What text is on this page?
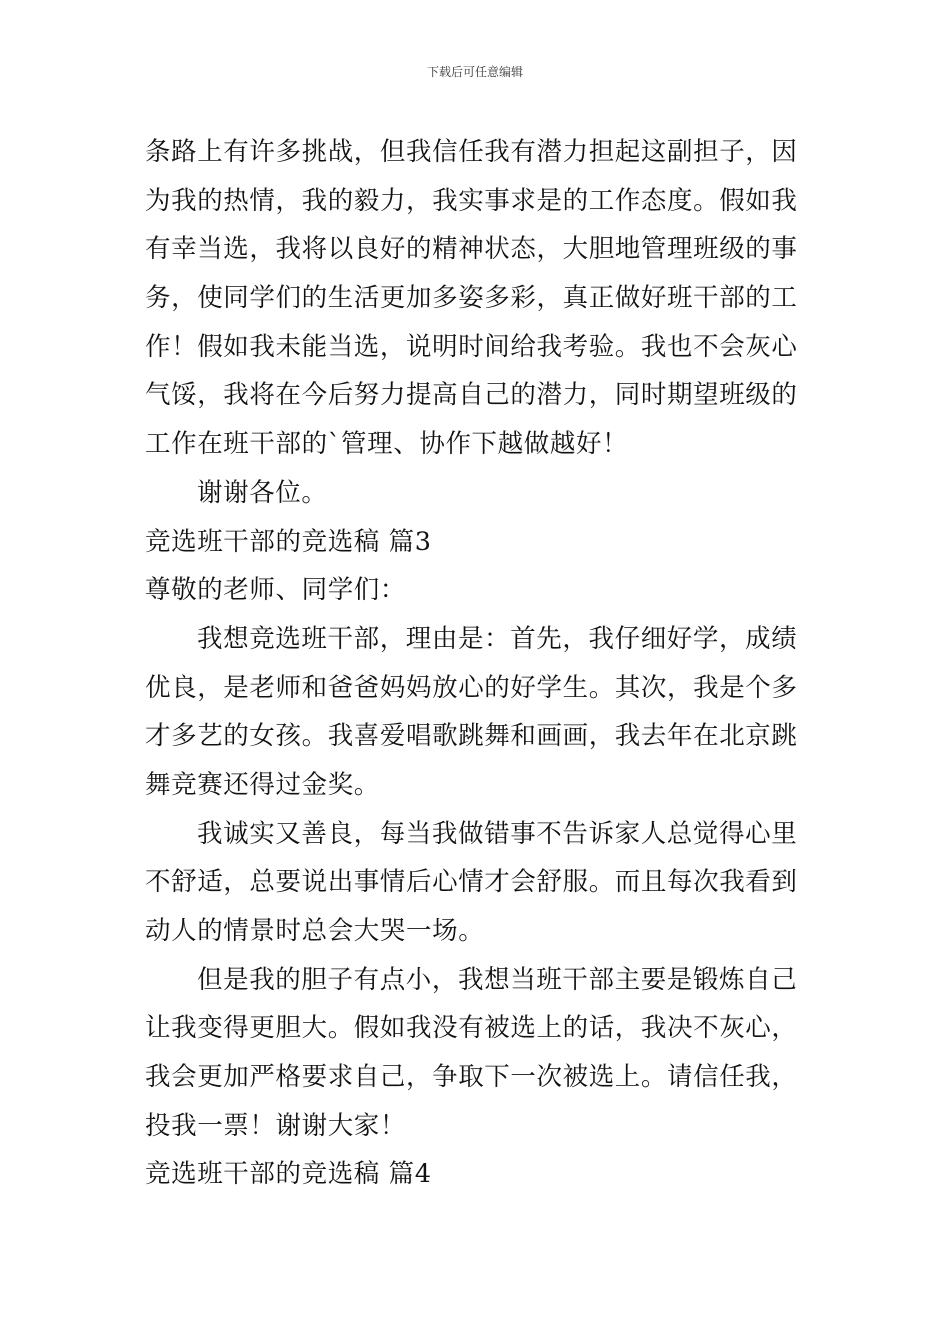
下载后可任意编辑
条路上有许多挑战，但我信任我有潜力担起这副担子，因
为我的热情，我的毅力，我实事求是的工作态度。假如我
有幸当选，我将以良好的精神状态，大胆地管理班级的事
务，使同学们的生活更加多姿多彩，真正做好班干部的工
作！假如我未能当选，说明时间给我考验。我也不会灰心
气馁，我将在今后努力提高自己的潜力，同时期望班级的
工作在班干部的`管理、协作下越做越好！
谢谢各位。
竞选班干部的竞选稿 篇3
尊敬的老师、同学们：
我想竞选班干部，理由是：首先，我仔细好学，成绩
优良，是老师和爸爸妈妈放心的好学生。其次，我是个多
才多艺的女孩。我喜爱唱歌跳舞和画画，我去年在北京跳
舞竞赛还得过金奖。
我诚实又善良，每当我做错事不告诉家人总觉得心里
不舒适，总要说出事情后心情才会舒服。而且每次我看到
动人的情景时总会大哭一场。
但是我的胆子有点小，我想当班干部主要是锻炼自己
让我变得更胆大。假如我没有被选上的话，我决不灰心，
我会更加严格要求自己，争取下一次被选上。请信任我，
投我一票！谢谢大家！
竞选班干部的竞选稿 篇4
